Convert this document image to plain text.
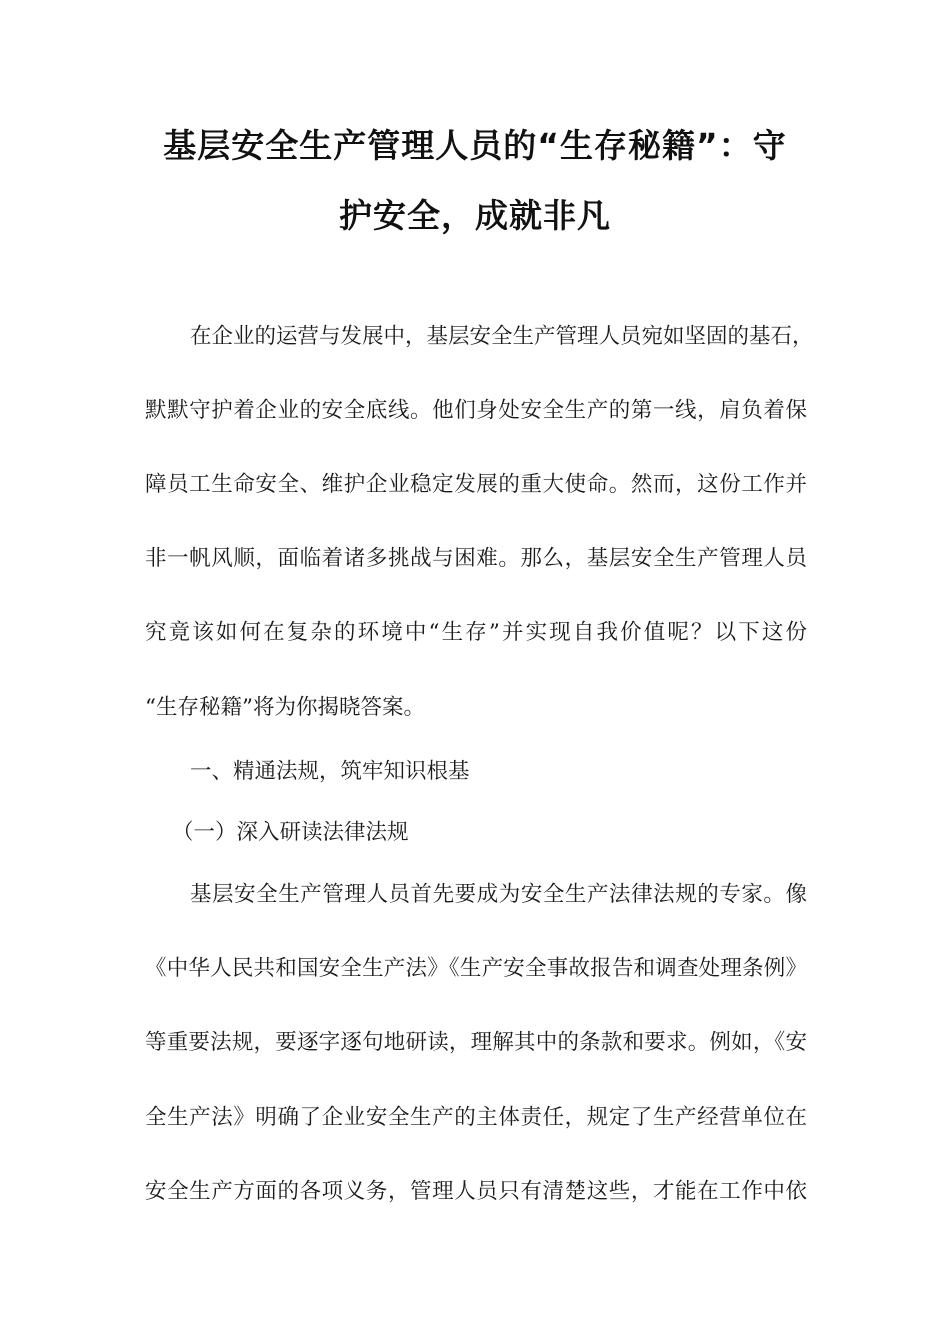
基层安全生产管理人员的“生存秘籍”：守
护安全，成就非凡
在企业的运营与发展中，基层安全生产管理人员宛如坚固的基石，
默默守护着企业的安全底线。他们身处安全生产的第一线，肩负着保
障员工生命安全、维护企业稳定发展的重大使命。然而，这份工作并
非一帆风顺，面临着诸多挑战与困难。那么，基层安全生产管理人员
究竟该如何在复杂的环境中“生存”并实现自我价值呢？以下这份
“生存秘籍”将为你揭晓答案。
一、精通法规，筑牢知识根基
（一）深入研读法律法规
基层安全生产管理人员首先要成为安全生产法律法规的专家。像
《中华人民共和国安全生产法》《生产安全事故报告和调查处理条例》
等重要法规，要逐字逐句地研读，理解其中的条款和要求。例如，《安
全生产法》明确了企业安全生产的主体责任，规定了生产经营单位在
安全生产方面的各项义务，管理人员只有清楚这些，才能在工作中依
